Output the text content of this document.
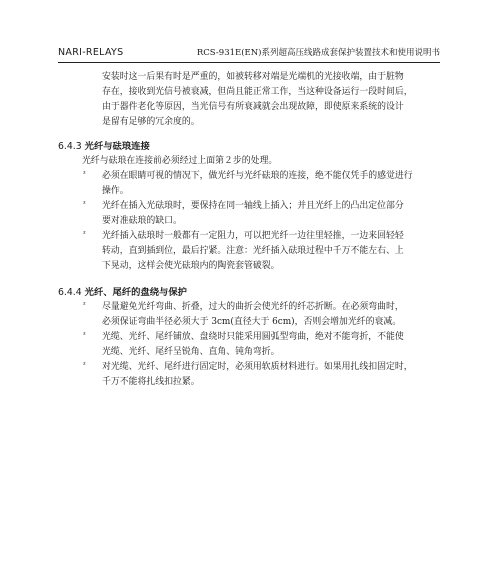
NARI-RELAYS	RCS-931E(EN)系列超高压线路成套保护装置技术和使用说明书

安装时这一后果有时是严重的，如被转移对端是光端机的光接收端，由于脏物
存在，接收到光信号被衰减，但尚且能正常工作，当这种设备运行一段时间后，
由于器件老化等原因，当光信号有所衰减就会出现故障，即使原来系统的设计
是留有足够的冗余度的。

6.4.3 光纤与砝琅连接

光纤与砝琅在连接前必须经过上面第２步的处理。

² 必须在眼睛可视的情况下，做光纤与光纤砝琅的连接，绝不能仅凭手的感觉进行
操作。

² 光纤在插入光砝琅时，要保持在同一轴线上插入；并且光纤上的凸出定位部分
要对准砝琅的缺口。

² 光纤插入砝琅时一般都有一定阻力，可以把光纤一边往里轻推，一边来回轻轻
转动，直到插到位，最后拧紧。注意：光纤插入砝琅过程中千万不能左右、上
下晃动，这样会使光砝琅内的陶瓷套管破裂。

6.4.4 光纤、尾纤的盘绕与保护

² 尽量避免光纤弯曲、折叠，过大的曲折会使光纤的纤芯折断。在必须弯曲时，
必须保证弯曲半径必须大于 3cm(直径大于 6cm)，否则会增加光纤的衰减。

² 光缆、光纤、尾纤铺放、盘绕时只能采用圆弧型弯曲，绝对不能弯折，不能使
光缆、光纤、尾纤呈锐角、直角、钝角弯折。

² 对光缆、光纤、尾纤进行固定时，必须用软质材料进行。如果用扎线扣固定时，
千万不能将扎线扣拉紧。
